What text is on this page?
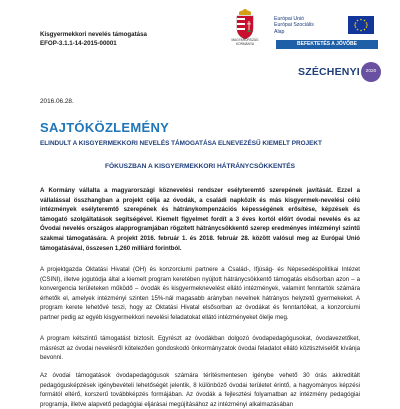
Kisgyermekkori nevelés támogatása
EFOP-3.1.1-14-2015-00001	MAGYARORSZÁG KORMÁNYA
Európai Unió
Európai Szociális
Alap
BEFEKTETÉS A JÖVŐBE
SZÉCHENYI	2020
2016.06.28.
SAJTÓKÖZLEMÉNY
ELINDULT A KISGYERMEKKORI NEVELÉS TÁMOGATÁSA ELNEVEZÉSŰ KIEMELT PROJEKT
FÓKUSZBAN A KISGYERMEKKORI HÁTRÁNYCSÖKKENTÉS

A Kormány vállalta a magyarországi köznevelési rendszer esélyteremtő szerepének javítását. Ezzel a vállalással összhangban a projekt célja az óvodák, a családi napközik és más kisgyermek-nevelési célú intézmények esélyteremtő szerepének és hátránykompenzációs képességének erősítése, képzések és támogató szolgáltatások segítségével. Kiemelt figyelmet fordít a 3 éves kortól előírt óvodai nevelés és az Óvodai nevelés országos alapprogramjában rögzített hátránycsökkentő szerep eredményes intézményi szintű szakmai támogatására. A projekt 2016. február 1. és 2018. február 28. között valósul meg az Európai Unió támogatásával, összesen 1,260 milliárd forintból.

A projektgazda Oktatási Hivatal (OH) és konzorciumi partnere a Család-, Ifjúság- és Népesedéspolitikai Intézet (CSINI), illetve jogutódja által a kiemelt program keretében nyújtott hátránycsökkentő támogatás elsősorban azon – a konvergencia területeken működő – óvodák és kisgyermeknevelést ellátó intézmények, valamint fenntartók számára érhetők el, amelyek intézményi szinten 15%-nál magasabb arányban nevelnek hátrányos helyzetű gyermekeket. A program kerete lehetővé teszi, hogy az Oktatási Hivatal elsősorban az óvodákat és fenntartóikat, a konzorciumi partner pedig az egyéb kisgyermekkori nevelési feladatokat ellátó intézményeket ölelje meg.

A program kétszintű támogatást biztosít. Egyrészt az óvodákban dolgozó óvodapedagógusokat, óvodavezetőket, másrészt az óvodai nevelésről kötelezően gondoskodó önkormányzatok óvodai feladatot ellátó köztisztviselőit kívánja bevonni.

Az óvodai támogatások óvodapedagógusok számára térítésmentesen igénybe vehető 30 órás akkreditált pedagógusképzések igénybevételi lehetőségét jelentik, 8 különböző óvodai területet érintő, a hagyományos képzési formától eltérő, korszerű továbbképzés formájában. Az óvodák a fejlesztési folyamatban az intézmény pedagógiai programja, illetve alapvető pedagógiai eljárásai megújításához az intézményi alkalmazásában
